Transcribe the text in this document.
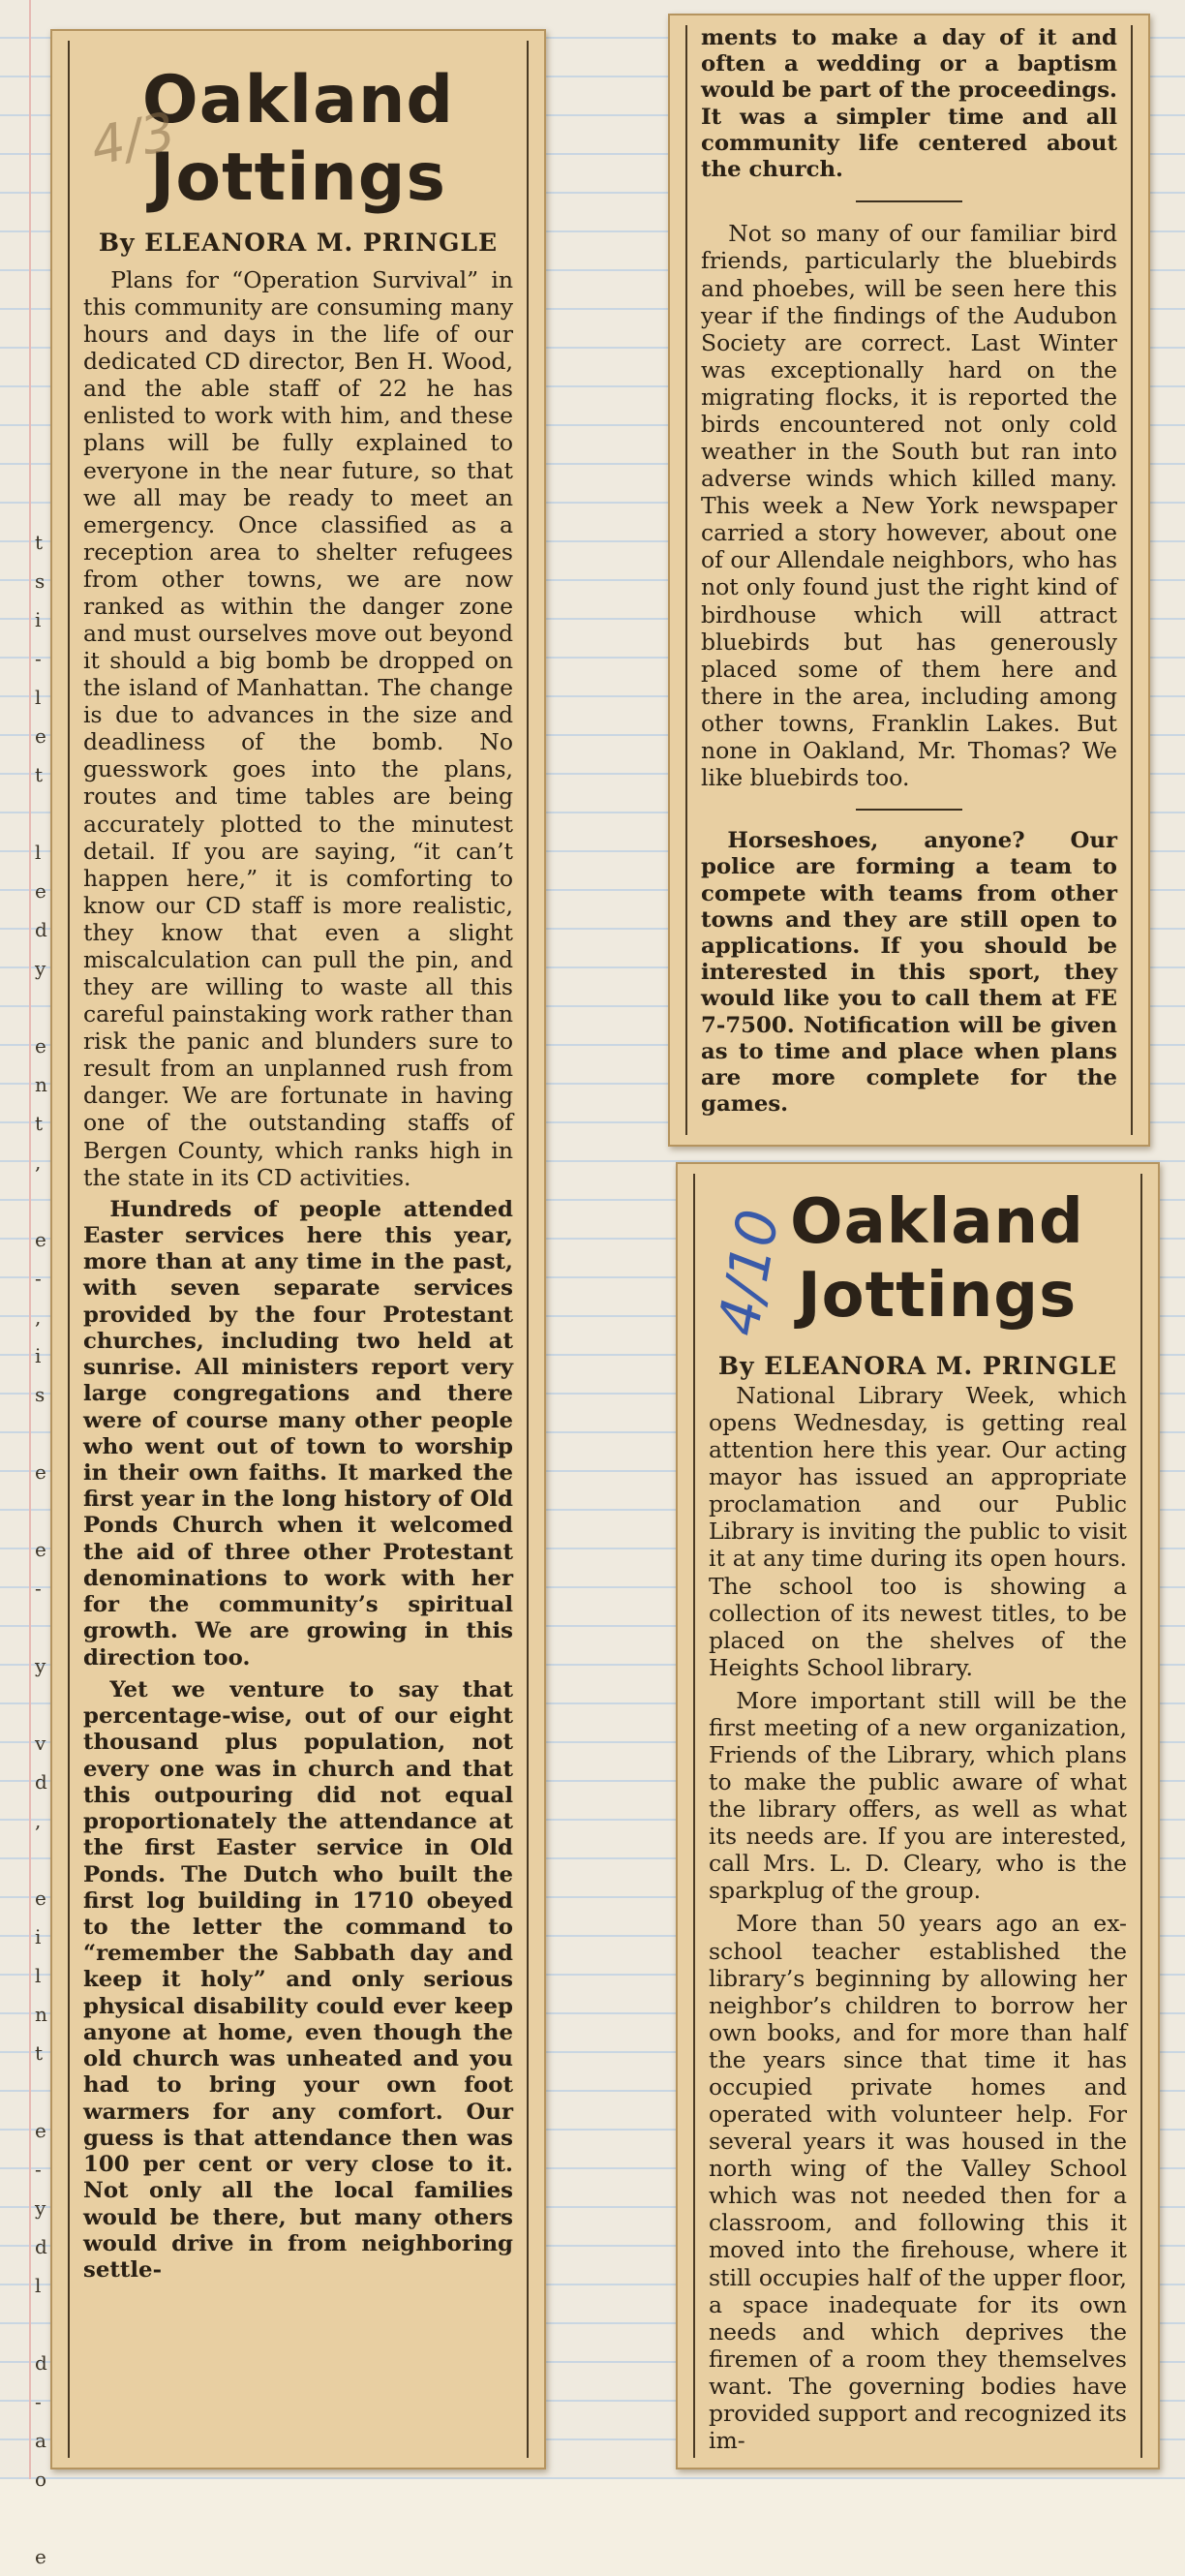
t
s
i
-
l
e
t

l
e
d
y

e
n
t
,

e
-
,
i
s

e

e
-

y

v
d
,

e
i
l
n
t

e
-
y
d
l

d
-
a
o

e
Oakland
Jottings
By ELEANORA M. PRINGLE

Plans for “Operation Survival” in this community are consuming many hours and days in the life of our dedicated CD director, Ben H. Wood, and the able staff of 22 he has enlisted to work with him, and these plans will be fully explained to everyone in the near future, so that we all may be ready to meet an emergency. Once classified as a reception area to shelter refugees from other towns, we are now ranked as within the danger zone and must ourselves move out beyond it should a big bomb be dropped on the island of Manhattan. The change is due to advances in the size and deadliness of the bomb. No guesswork goes into the plans, routes and time tables are being accurately plotted to the minutest detail. If you are saying, “it can’t happen here,” it is comforting to know our CD staff is more realistic, they know that even a slight miscalculation can pull the pin, and they are willing to waste all this careful painstaking work rather than risk the panic and blunders sure to result from an unplanned rush from danger. We are fortunate in having one of the outstanding staffs of Bergen County, which ranks high in the state in its CD activities.

Hundreds of people attended Easter services here this year, more than at any time in the past, with seven separate services provided by the four Protestant churches, including two held at sunrise. All ministers report very large congregations and there were of course many other people who went out of town to worship in their own faiths. It marked the first year in the long history of Old Ponds Church when it welcomed the aid of three other Protestant denominations to work with her for the community’s spiritual growth. We are growing in this direction too.

Yet we venture to say that percentage-wise, out of our eight thousand plus population, not every one was in church and that this outpouring did not equal proportionately the attendance at the first Easter service in Old Ponds. The Dutch who built the first log building in 1710 obeyed to the letter the command to “remember the Sabbath day and keep it holy” and only serious physical disability could ever keep anyone at home, even though the old church was unheated and you had to bring your own foot warmers for any comfort. Our guess is that attendance then was 100 per cent or very close to it. Not only all the local families would be there, but many others would drive in from neighboring settle-

4/3

ments to make a day of it and often a wedding or a baptism would be part of the proceedings. It was a simpler time and all community life centered about the church.

Not so many of our familiar bird friends, particularly the bluebirds and phoebes, will be seen here this year if the findings of the Audubon Society are correct. Last Winter was exceptionally hard on the migrating flocks, it is reported the birds encountered not only cold weather in the South but ran into adverse winds which killed many. This week a New York newspaper carried a story however, about one of our Allendale neighbors, who has not only found just the right kind of birdhouse which will attract bluebirds but has generously placed some of them here and there in the area, including among other towns, Franklin Lakes. But none in Oakland, Mr. Thomas? We like bluebirds too.

Horseshoes, anyone? Our police are forming a team to compete with teams from other towns and they are still open to applications. If you should be interested in this sport, they would like you to call them at FE 7-7500. Notification will be given as to time and place when plans are more complete for the games.

Oakland
Jottings
By ELEANORA M. PRINGLE

National Library Week, which opens Wednesday, is getting real attention here this year. Our acting mayor has issued an appropriate proclamation and our Public Library is inviting the public to visit it at any time during its open hours. The school too is showing a collection of its newest titles, to be placed on the shelves of the Heights School library.

More important still will be the first meeting of a new organization, Friends of the Library, which plans to make the public aware of what the library offers, as well as what its needs are. If you are interested, call Mrs. L. D. Cleary, who is the sparkplug of the group.

More than 50 years ago an ex-school teacher established the library’s beginning by allowing her neighbor’s children to borrow her own books, and for more than half the years since that time it has occupied private homes and operated with volunteer help. For several years it was housed in the north wing of the Valley School which was not needed then for a classroom, and following this it moved into the firehouse, where it still occupies half of the upper floor, a space inadequate for its own needs and which deprives the firemen of a room they themselves want. The governing bodies have provided support and recognized its im-

4/10
